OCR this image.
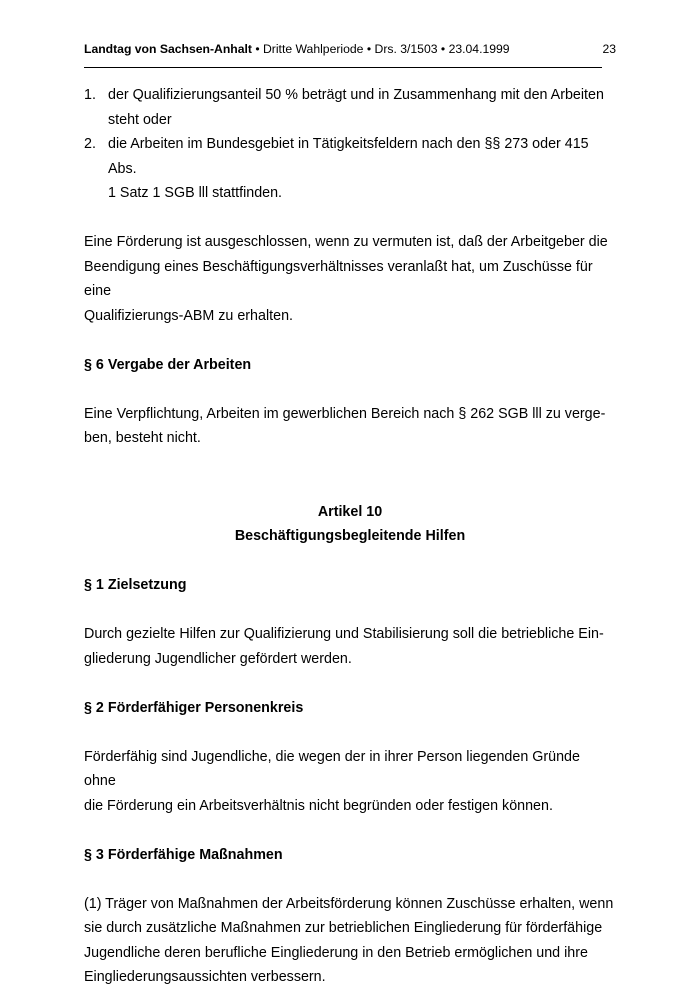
Landtag von Sachsen-Anhalt • Dritte Wahlperiode • Drs. 3/1503 • 23.04.1999	23
1. der Qualifizierungsanteil 50 % beträgt und in Zusammenhang mit den Arbeiten
steht oder
2. die Arbeiten im Bundesgebiet in Tätigkeitsfeldern nach den §§ 273 oder 415 Abs.
1 Satz 1 SGB lll stattfinden.
Eine Förderung ist ausgeschlossen, wenn zu vermuten ist, daß der Arbeitgeber die
Beendigung eines Beschäftigungsverhältnisses veranlaßt hat, um Zuschüsse für eine
Qualifizierungs-ABM zu erhalten.
§ 6 Vergabe der Arbeiten
Eine Verpflichtung, Arbeiten im gewerblichen Bereich nach § 262 SGB lll zu verge-
ben, besteht nicht.
Artikel 10
Beschäftigungsbegleitende Hilfen
§ 1 Zielsetzung
Durch gezielte Hilfen zur Qualifizierung und Stabilisierung soll die betriebliche Ein-
gliederung Jugendlicher gefördert werden.
§ 2 Förderfähiger Personenkreis
Förderfähig sind Jugendliche, die wegen der in ihrer Person liegenden Gründe ohne
die Förderung ein Arbeitsverhältnis nicht begründen oder festigen können.
§ 3 Förderfähige Maßnahmen
(1) Träger von Maßnahmen der Arbeitsförderung können Zuschüsse erhalten, wenn
sie durch zusätzliche Maßnahmen zur betrieblichen Eingliederung für förderfähige
Jugendliche deren berufliche Eingliederung in den Betrieb ermöglichen und ihre
Eingliederungsaussichten verbessern.
